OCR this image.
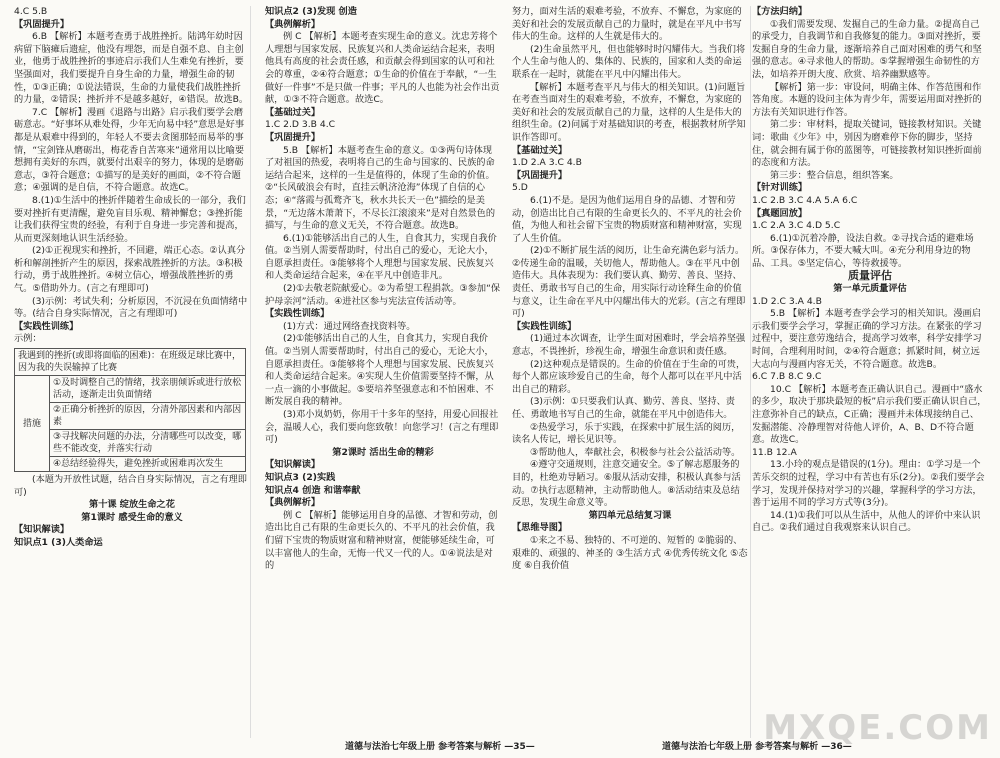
4.C 5.B

【巩固提升】

6.B 【解析】本题考查勇于战胜挫折。陆鸿年幼时因病留下脑瘫后遗症，他没有埋怨，而是自强不息、自主创业，他勇于战胜挫折的事迹启示我们人生难免有挫折，要坚强面对，我们要提升自身生命的力量，增强生命的韧性，①③正确；①说法错误，生命的力量使我们战胜挫折的力量，②错误；挫折并不是越多越好，④错误。故选B。

7.C 【解析】漫画《退路与出路》启示我们要学会磨砺意志。“好事坏从难处得，少年无向易中轻”意思是好事都是从艰难中得到的，年轻人不要去贪图那轻而易举的事情，“宝剑锋从磨砺出，梅花香自苦寒来”通常用以比喻要想拥有美好的东西，就要付出艰辛的努力，体现的是磨砺意志，③符合题意；①描写的是美好的画面，②不符合题意；④强调的是自信，不符合题意。故选C。

8.(1)①生活中的挫折伴随着生命成长的一部分，我们要对挫折有更清醒，避免盲目乐观、精神懈怠；③挫折能让我们获得宝贵的经验，有利于自身进一步完善和提高，从而更深刻地认识生活经验。

(2)①正视现实和挫折，不回避，端正心态。②认真分析和解剖挫折产生的原因，探索战胜挫折的方法。③积极行动，勇于战胜挫折。④树立信心，增强战胜挫折的勇气。⑤借助外力。(言之有理即可)

(3)示例：考试失利；分析原因，不沉浸在负面情绪中等。(结合自身实际情况，言之有理即可)

【实践性训练】

示例：

我遇到的挫折(或即将面临的困难)：在班级足球比赛中，因为我的失误输掉了比赛
措施	①及时调整自己的情绪，找亲朋倾诉或进行放松活动，逐渐走出负面情绪
②正确分析挫折的原因，分清外部因素和内部因素
③寻找解决问题的办法，分清哪些可以改变，哪些不能改变，并落实行动
④总结经验得失，避免挫折或困难再次发生

(本题为开放性试题，结合自身实际情况，言之有理即可)

第十课 绽放生命之花

第1课时 感受生命的意义

【知识解读】

知识点1 (3)人类命运

知识点2 (3)发现 创造

【典例解析】

例 C 【解析】本题考查实现生命的意义。沈忠芳将个人理想与国家发展、民族复兴和人类命运结合起来，表明他具有高度的社会责任感，和贡献会得到国家的认可和社会的尊重，②④符合题意；①生命的价值在于奉献，“一生做好一件事”不是只做一件事；平凡的人也能为社会作出贡献，①③不符合题意。故选C。

【基础过关】

1.C 2.D 3.B 4.C

【巩固提升】

5.B 【解析】本题考查生命的意义。①③两句诗体现了对祖国的热爱，表明将自己的生命与国家的、民族的命运结合起来，这样的一生是值得的，体现了生命的价值。②“长风破浪会有时，直挂云帆济沧海”体现了自信的心态；④“落霞与孤鹜齐飞，秋水共长天一色”描绘的是美景，“无边落木萧萧下，不尽长江滚滚来”是对自然景色的描写，与生命的意义无关，不符合题意。故选B。

6.(1)①能够活出自己的人生，自食其力，实现自我价值。②当别人需要帮助时，付出自己的爱心，无论大小，自愿承担责任。③能够将个人理想与国家发展、民族复兴和人类命运结合起来，④在平凡中创造非凡。

(2)①去敬老院献爱心。②为希望工程捐款。③参加“保护母亲河”活动。④进社区参与宪法宣传活动等。

【实践性训练】

(1)方式：通过网络查找资料等。

(2)①能够活出自己的人生，自食其力，实现自我价值。②当别人需要帮助时，付出自己的爱心，无论大小，自愿承担责任。③能够将个人理想与国家发展、民族复兴和人类命运结合起来。④实现人生价值需要坚持不懈，从一点一滴的小事做起。⑤要培养坚强意志和不怕困难、不断发展自我的精神。

(3)邓小岚奶奶，你用干十多年的坚持，用爱心回报社会，温暖人心，我们要向您致敬！向您学习！(言之有理即可)

第2课时 活出生命的精彩

【知识解读】

知识点3 (2)实践

知识点4 创造 和谐奉献

【典例解析】

例 C 【解析】能够运用自身的品德、才智和劳动，创造出比自己有限的生命更长久的、不平凡的社会价值，我们留下宝贵的物质财富和精神财富，便能够延续生命，可以丰富他人的生命，无悔一代又一代的人。①④说法是对的

努力，面对生活的艰难考验，不放弃、不懈怠，为家庭的美好和社会的发展贡献自己的力量时，就是在平凡中书写伟大的生命。这样的人生就是伟大的。

(2)生命虽然平凡，但也能够时时闪耀伟大。当我们将个人生命与他人的、集体的、民族的，国家和人类的命运联系在一起时，就能在平凡中闪耀出伟大。

【解析】本题考查平凡与伟大的相关知识。(1)问题旨在考查当面对生的艰难考验，不放弃，不懈怠，为家庭的美好和社会的发展贡献自己的力量，这样的人生是伟大的组织生命。(2)问属于对基础知识的考查，根据教材所学知识作答即可。

【基础过关】

1.D 2.A 3.C 4.B

【巩固提升】

5.D

6.(1)不是。是因为他们运用自身的品德、才智和劳动，创造出比自己有限的生命更长久的、不平凡的社会价值，为他人和社会留下宝贵的物质财富和精神财富，实现了人生价值。

(2)①不断扩展生活的阅历，让生命充满色彩与活力。②传递生命的温暖，关切他人，帮助他人。③在平凡中创造伟大。具体表现为：我们要认真、勤劳、善良、坚持、责任、勇敢书写自己的生命，用实际行动诠释生命的价值与意义，让生命在平凡中闪耀出伟大的光彩。(言之有理即可)

【实践性训练】

(1)通过本次调查，让学生面对困难时，学会培养坚强意志，不畏挫折，珍视生命，增强生命意识和责任感。

(2)这种观点是错误的。生命的价值在于生命的可贵，每个人都应该珍爱自己的生命，每个人都可以在平凡中活出自己的精彩。

(3)示例：①只要我们认真、勤劳、善良、坚持、责任、勇敢地书写自己的生命，就能在平凡中创造伟大。

②热爱学习，乐于实践，在探索中扩展生活的阅历，读名人传记，增长见识等。

③帮助他人，奉献社会，积极参与社会公益活动等。

④遵守交通规则，注意交通安全。⑤了解志愿服务的目的，杜绝劝导陋习。⑥服从活动安排，积极认真参与活动。⑦执行志愿精神，主动帮助他人。⑧活动结束及总结反思，发现生命意义等。

第四单元总结复习课

【思维导图】

①来之不易、独特的、不可逆的、短暂的 ②脆弱的、艰难的、顽强的、神圣的 ③生活方式 ④优秀传统文化 ⑤态度 ⑥自我价值

【方法归纳】

①我们需要发现、发掘自己的生命力量。②提高自己的承受力，自我调节和自我修复的能力。③面对挫折，要发掘自身的生命力量，逐渐培养自己面对困难的勇气和坚强的意志。④寻求他人的帮助。⑤掌握增强生命韧性的方法，如培养开朗大度、欣赏、培养幽默感等。

【解析】第一步：审设问，明确主体、作答范围和作答角度。本题的设问主体为青少年，需要运用面对挫折的方法有关知识进行作答。

第二步：审材料，提取关键词，链接教材知识。关键词：歌曲《少年》中，别因为磨难停下你的脚步，坚持住，就会拥有属于你的蓝图等，可链接教材知识挫折面前的态度和方法。

第三步：整合信息，组织答案。

【针对训练】

1.C 2.B 3.C 4.A 5.A 6.C

【真题回放】

1.C 2.A 3.C 4.D 5.C

6.(1)①沉着冷静，设法自救。②寻找合适的避难场所。③保存体力，不要大喊大叫。④充分利用身边的物品、工具。⑤坚定信心，等待救援等。

质量评估

第一单元质量评估

1.D 2.C 3.A 4.B

5.B 【解析】本题考查学会学习的相关知识。漫画启示我们要学会学习，掌握正确的学习方法。在紧张的学习过程中，要注意劳逸结合，提高学习效率，科学安排学习时间，合理利用时间，②④符合题意；抓紧时间，树立远大志向与漫画内容无关，不符合题意。故选B。

6.C 7.B 8.C 9.C

10.C 【解析】本题考查正确认识自己。漫画中“盛水的多少，取决于那块最短的板”启示我们要正确认识自己，注意弥补自己的缺点，C正确；漫画并未体现接纳自己、发掘潜能、冷静理智对待他人评价，A、B、D不符合题意。故选C。

11.B 12.A

13.小玲的观点是错误的(1分)。理由：①学习是一个苦乐交织的过程，学习中有苦也有乐(2分)。②我们要学会学习，发现并保持对学习的兴趣，掌握科学的学习方法，善于运用不同的学习方式等(3分)。

14.(1)①我们可以从生活中，从他人的评价中来认识自己。②我们通过自我观察来认识自己。

道德与法治七年级上册 参考答案与解析 —35—	道德与法治七年级上册 参考答案与解析 —36—
MXQE.COM
